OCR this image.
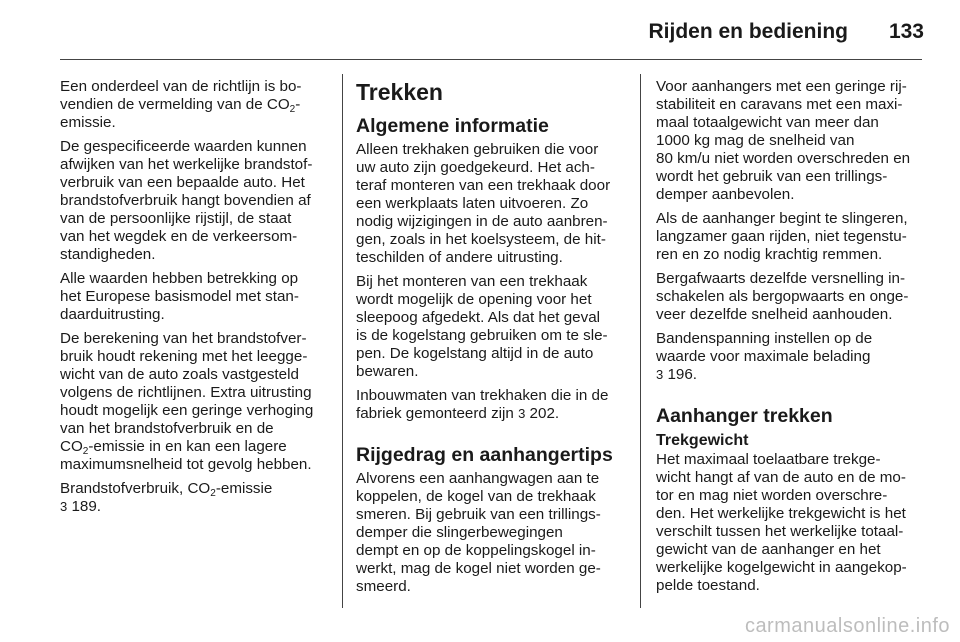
Rijden en bediening 133
Een onderdeel van de richtlijn is bo-
vendien de vermelding van de $CO_2-$
emissie.
De gespecificeerde waarden kunnen
afwijken van het werkelijke brandstof-
verbruik van een bepaalde auto. Het
brandstofverbruik hangt bovendien af
van de persoonlijke rijstijl, de staat
van het wegdek en de verkeersom-
standigheden.
Alle waarden hebben betrekking op
het Europese basismodel met stan-
daarduitrusting.
De berekening van het brandstofver-
bruik houdt rekening met het leegge-
wicht van de auto zoals vastgesteld
volgens de richtlijnen. Extra uitrusting
houdt mogelijk een geringe verhoging
van het brandstofverbruik en de
$CO_2$-emissie in en kan een lagere
maximumsnelheid tot gevolg hebben.
Brandstofverbruik, $CO_2$-emissie
3 189.
Trekken
Algemene informatie
Alleen trekhaken gebruiken die voor
uw auto zijn goedgekeurd. Het ach-
teraf monteren van een trekhaak door
een werkplaats laten uitvoeren. Zo
nodig wijzigingen in de auto aanbren-
gen, zoals in het koelsysteem, de hit-
teschilden of andere uitrusting.
Bij het monteren van een trekhaak
wordt mogelijk de opening voor het
sleepoog afgedekt. Als dat het geval
is de kogelstang gebruiken om te sle-
pen. De kogelstang altijd in de auto
bewaren.
Inbouwmaten van trekhaken die in de
fabriek gemonteerd zijn 3 202.
Rijgedrag en aanhangertips
Alvorens een aanhangwagen aan te
koppelen, de kogel van de trekhaak
smeren. Bij gebruik van een trillings-
demper die slingerbewegingen
dempt en op de koppelingskogel in-
werkt, mag de kogel niet worden ge-
smeerd.
Voor aanhangers met een geringe rij-
stabiliteit en caravans met een maxi-
maal totaalgewicht van meer dan
1000 kg mag de snelheid van
80 km/u niet worden overschreden en
wordt het gebruik van een trillings-
demper aanbevolen.
Als de aanhanger begint te slingeren,
langzamer gaan rijden, niet tegenstu-
ren en zo nodig krachtig remmen.
Bergafwaarts dezelfde versnelling in-
schakelen als bergopwaarts en onge-
veer dezelfde snelheid aanhouden.
Bandenspanning instellen op de
waarde voor maximale belading
3 196.
Aanhanger trekken
Trekgewicht
Het maximaal toelaatbare trekge-
wicht hangt af van de auto en de mo-
tor en mag niet worden overschre-
den. Het werkelijke trekgewicht is het
verschilt tussen het werkelijke totaal-
gewicht van de aanhanger en het
werkelijke kogelgewicht in aangekop-
pelde toestand.
carmanualsonline.info
